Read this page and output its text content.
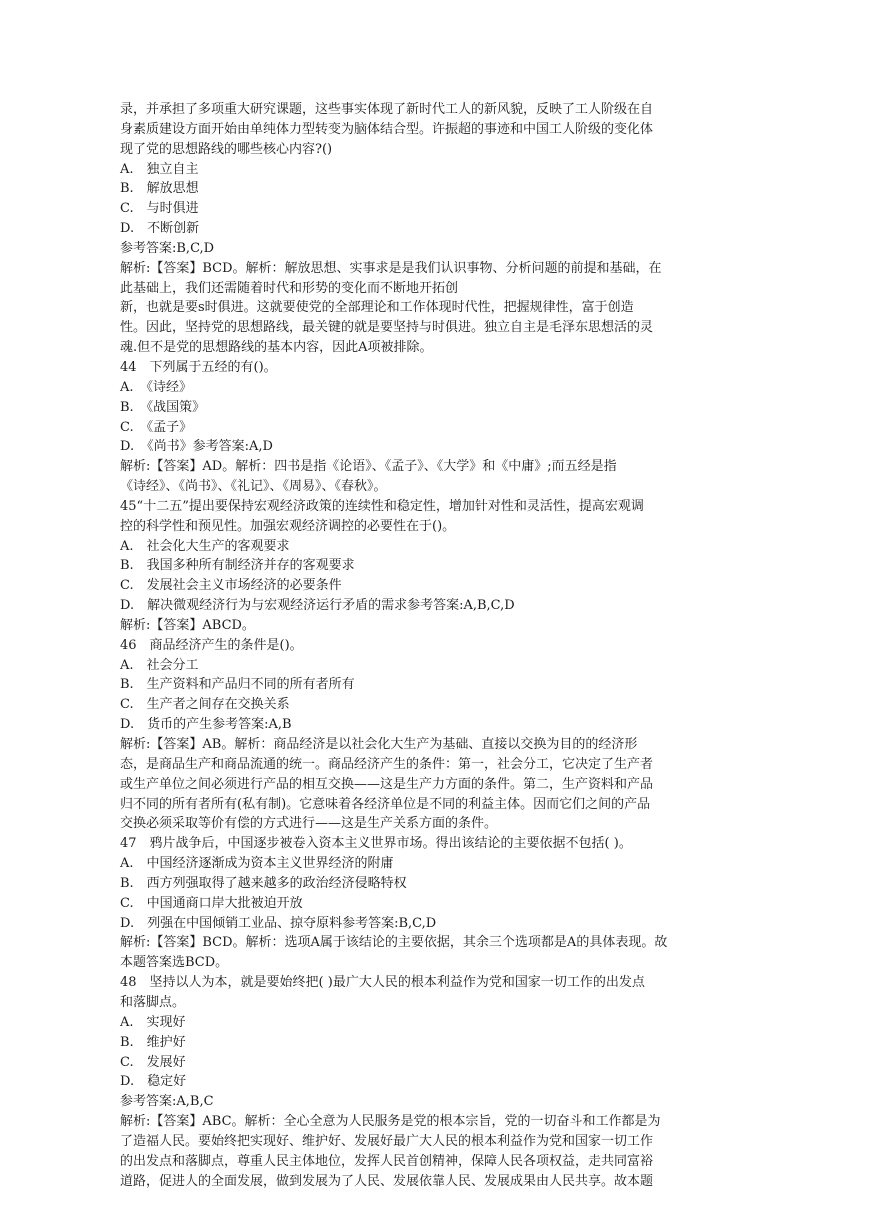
录，并承担了多项重大研究课题，这些事实体现了新时代工人的新风貌，反映了工人阶级在自
身素质建设方面开始由单纯体力型转变为脑体结合型。许振超的事迹和中国工人阶级的变化体
现了党的思想路线的哪些核心内容?()
A.　独立自主
B.　解放思想
C.　与时俱进
D.　不断创新
参考答案:B,C,D
解析:【答案】BCD。解析：解放思想、实事求是是我们认识事物、分析问题的前提和基础，在
此基础上，我们还需随着时代和形势的变化而不断地开拓创
新，也就是要s时俱进。这就要使党的全部理论和工作体现时代性，把握规律性，富于创造
性。因此，坚持党的思想路线，最关键的就是要坚持与时俱进。独立自主是毛泽东思想活的灵
魂.但不是党的思想路线的基本内容，因此A项被排除。
44　下列属于五经的有()。
A.　《诗经》
B.　《战国策》
C.　《孟子》
D.　《尚书》参考答案:A,D
解析:【答案】AD。解析：四书是指《论语》、《孟子》、《大学》和《中庸》;而五经是指
《诗经》、《尚书》、《礼记》、《周易》、《春秋》。
45“十二五”提出要保持宏观经济政策的连续性和稳定性，增加针对性和灵活性，提高宏观调
控的科学性和预见性。加强宏观经济调控的必要性在于()。
A.　社会化大生产的客观要求
B.　我国多种所有制经济并存的客观要求
C.　发展社会主义市场经济的必要条件
D.　解决微观经济行为与宏观经济运行矛盾的需求参考答案:A,B,C,D
解析:【答案】ABCD。
46　商品经济产生的条件是()。
A.　社会分工
B.　生产资料和产品归不同的所有者所有
C.　生产者之间存在交换关系
D.　货币的产生参考答案:A,B
解析:【答案】AB。解析：商品经济是以社会化大生产为基础、直接以交换为目的的经济形
态，是商品生产和商品流通的统一。商品经济产生的条件：第一，社会分工，它决定了生产者
或生产单位之间必须进行产品的相互交换——这是生产力方面的条件。第二，生产资料和产品
归不同的所有者所有(私有制)。它意味着各经济单位是不同的利益主体。因而它们之间的产品
交换必须采取等价有偿的方式进行——这是生产关系方面的条件。
47　鸦片战争后，中国逐步被卷入资本主义世界市场。得出该结论的主要依据不包括( )。
A.　中国经济逐渐成为资本主义世界经济的附庸
B.　西方列强取得了越来越多的政治经济侵略特权
C.　中国通商口岸大批被迫开放
D.　列强在中国倾销工业品、掠夺原料参考答案:B,C,D
解析:【答案】BCD。解析：选项A属于该结论的主要依据，其余三个选项都是A的具体表现。故
本题答案选BCD。
48　坚持以人为本，就是要始终把( )最广大人民的根本利益作为党和国家一切工作的出发点
和落脚点。
A.　实现好
B.　维护好
C.　发展好
D.　稳定好
参考答案:A,B,C
解析:【答案】ABC。解析：全心全意为人民服务是党的根本宗旨，党的一切奋斗和工作都是为
了造福人民。要始终把实现好、维护好、发展好最广大人民的根本利益作为党和国家一切工作
的出发点和落脚点，尊重人民主体地位，发挥人民首创精神，保障人民各项权益，走共同富裕
道路，促进人的全面发展，做到发展为了人民、发展依靠人民、发展成果由人民共享。故本题
